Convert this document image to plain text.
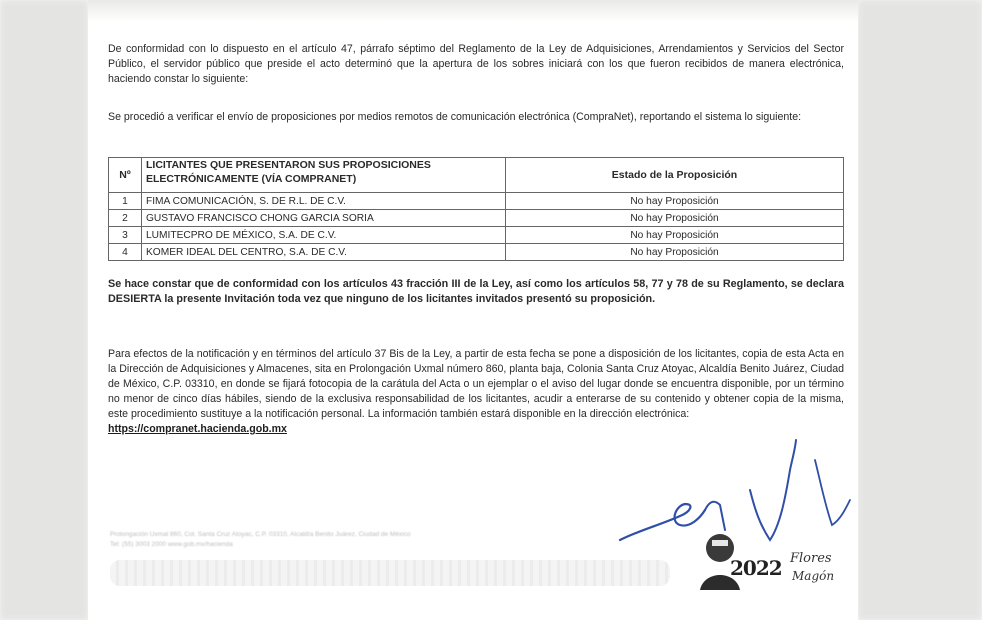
De conformidad con lo dispuesto en el artículo 47, párrafo séptimo del Reglamento de la Ley de Adquisiciones, Arrendamientos y Servicios del Sector Público, el servidor público que preside el acto determinó que la apertura de los sobres iniciará con los que fueron recibidos de manera electrónica, haciendo constar lo siguiente:

Se procedió a verificar el envío de proposiciones por medios remotos de comunicación electrónica (CompraNet), reportando el sistema lo siguiente:

Nº	LICITANTES QUE PRESENTARON SUS PROPOSICIONES ELECTRÓNICAMENTE (VÍA COMPRANET)	Estado de la Proposición
1	FIMA COMUNICACIÓN, S. DE R.L. DE C.V.	No hay Proposición
2	GUSTAVO FRANCISCO CHONG GARCIA SORIA	No hay Proposición
3	LUMITECPRO DE MÉXICO, S.A. DE C.V.	No hay Proposición
4	KOMER IDEAL DEL CENTRO, S.A. DE C.V.	No hay Proposición

Se hace constar que de conformidad con los artículos 43 fracción III de la Ley, así como los artículos 58, 77 y 78 de su Reglamento, se declara DESIERTA la presente Invitación toda vez que ninguno de los licitantes invitados presentó su proposición.

Para efectos de la notificación y en términos del artículo 37 Bis de la Ley, a partir de esta fecha se pone a disposición de los licitantes, copia de esta Acta en la Dirección de Adquisiciones y Almacenes, sita en Prolongación Uxmal número 860, planta baja, Colonia Santa Cruz Atoyac, Alcaldía Benito Juárez, Ciudad de México, C.P. 03310, en donde se fijará fotocopia de la carátula del Acta o un ejemplar o el aviso del lugar donde se encuentra disponible, por un término no menor de cinco días hábiles, siendo de la exclusiva responsabilidad de los licitantes, acudir a enterarse de su contenido y obtener copia de la misma, este procedimiento sustituye a la notificación personal. La información también estará disponible en la dirección electrónica:
https://compranet.hacienda.gob.mx

Prolongación Uxmal 860, Col. Santa Cruz Atoyac, C.P. 03310, Alcaldía Benito Juárez, Ciudad de México
Tel: (55) 3003 2000 www.gob.mx/hacienda
2022 Flores
Magón
